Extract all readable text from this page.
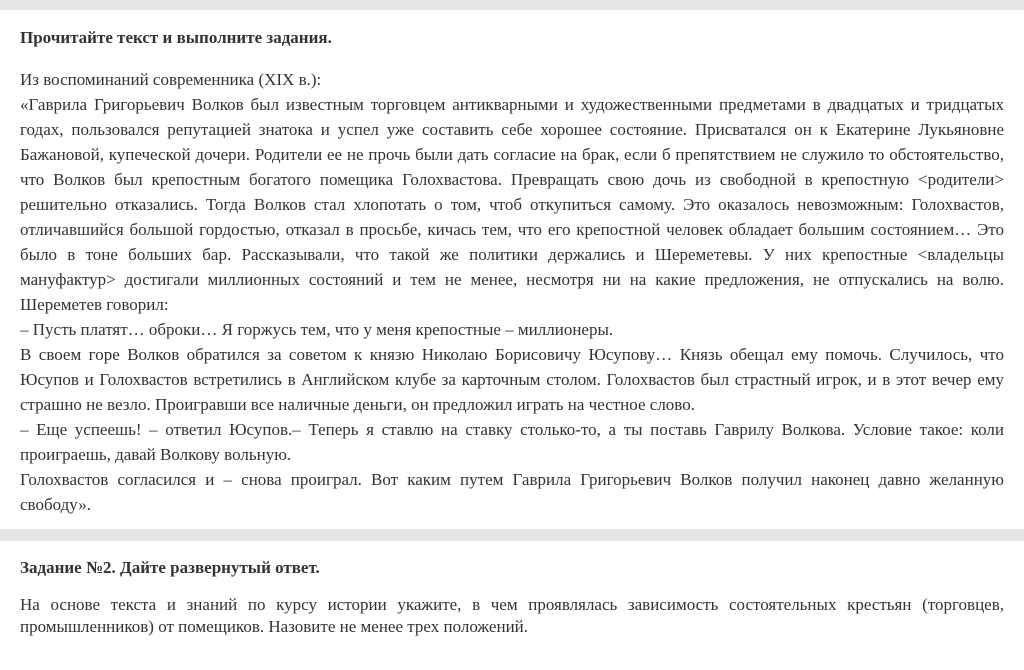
Прочитайте текст и выполните задания.

Из воспоминаний современника (XIX в.):

«Гаврила Григорьевич Волков был известным торговцем антикварными и художественными предметами в двадцатых и тридцатых годах, пользовался репутацией знатока и успел уже составить себе хорошее состояние. Присватался он к Екатерине Лукьяновне Бажановой, купеческой дочери. Родители ее не прочь были дать согласие на брак, если б препятствием не служило то обстоятельство, что Волков был крепостным богатого помещика Голохвастова. Превращать свою дочь из свободной в крепостную <родители> решительно отказались. Тогда Волков стал хлопотать о том, чтоб откупиться самому. Это оказалось невозможным: Голохвастов, отличавшийся большой гордостью, отказал в просьбе, кичась тем, что его крепостной человек обладает большим состоянием… Это было в тоне больших бар. Рассказывали, что такой же политики держались и Шереметевы. У них крепостные <владельцы мануфактур> достигали миллионных состояний и тем не менее, несмотря ни на какие предложения, не отпускались на волю. Шереметев говорил:

– Пусть платят… оброки… Я горжусь тем, что у меня крепостные – миллионеры.

В своем горе Волков обратился за советом к князю Николаю Борисовичу Юсупову… Князь обещал ему помочь. Случилось, что Юсупов и Голохвастов встретились в Английском клубе за карточным столом. Голохвастов был страстный игрок, и в этот вечер ему страшно не везло. Проигравши все наличные деньги, он предложил играть на честное слово.

– Еще успеешь! – ответил Юсупов.– Теперь я ставлю на ставку столько-то, а ты поставь Гаврилу Волкова. Условие такое: коли проиграешь, давай Волкову вольную.

Голохвастов согласился и – снова проиграл. Вот каким путем Гаврила Григорьевич Волков получил наконец давно желанную свободу».

Задание №2. Дайте развернутый ответ.

На основе текста и знаний по курсу истории укажите, в чем проявлялась зависимость состоятельных крестьян (торговцев, промышленников) от помещиков. Назовите не менее трех положений.
